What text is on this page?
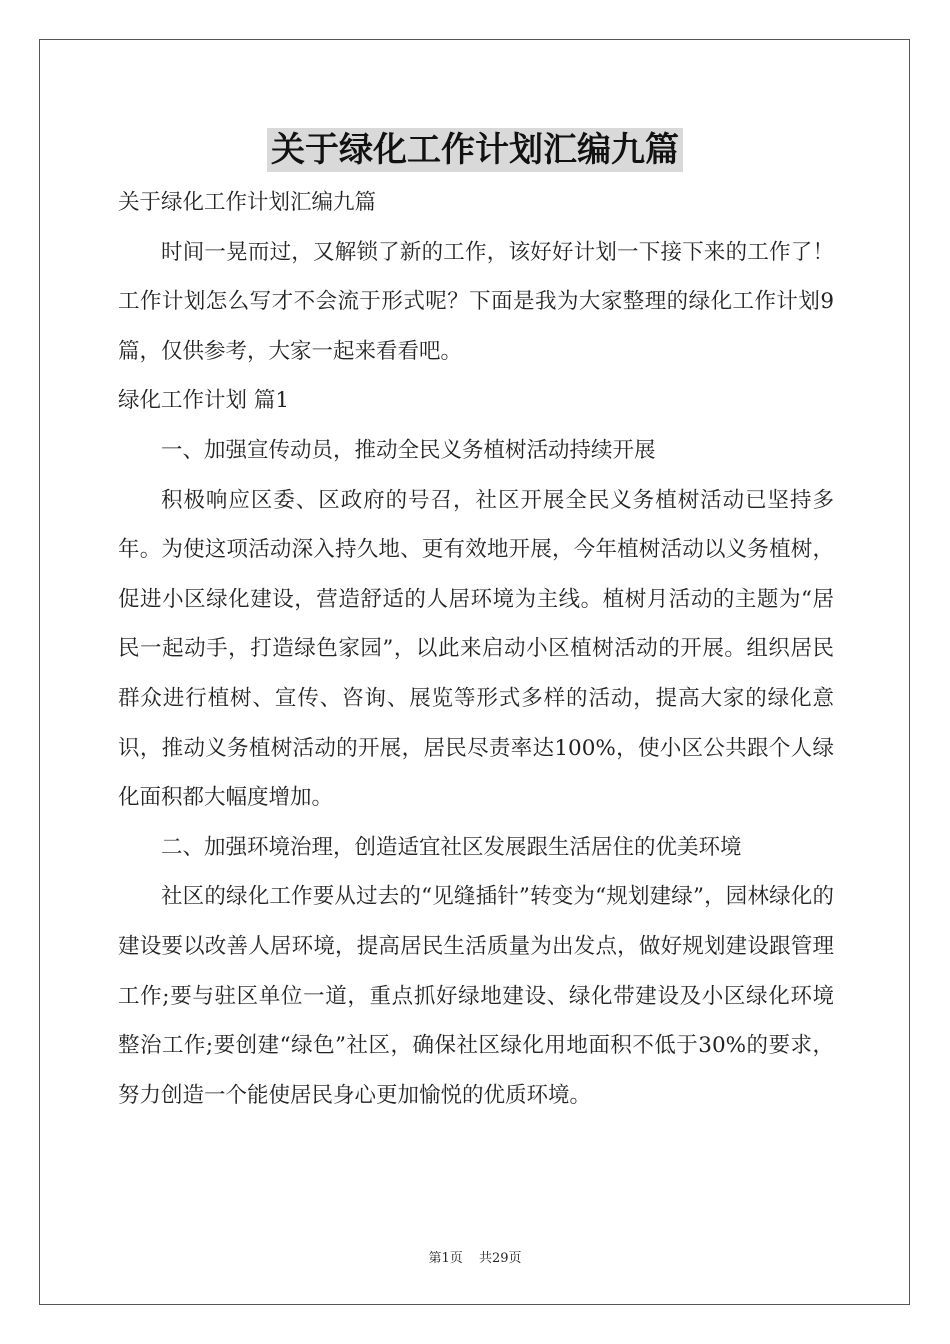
关于绿化工作计划汇编九篇

关于绿化工作计划汇编九篇

时间一晃而过，又解锁了新的工作，该好好计划一下接下来的工作了！工作计划怎么写才不会流于形式呢？下面是我为大家整理的绿化工作计划9篇，仅供参考，大家一起来看看吧。

绿化工作计划 篇1

一、加强宣传动员，推动全民义务植树活动持续开展

积极响应区委、区政府的号召，社区开展全民义务植树活动已坚持多年。为使这项活动深入持久地、更有效地开展，今年植树活动以义务植树，促进小区绿化建设，营造舒适的人居环境为主线。植树月活动的主题为“居民一起动手，打造绿色家园”，以此来启动小区植树活动的开展。组织居民群众进行植树、宣传、咨询、展览等形式多样的活动，提高大家的绿化意识，推动义务植树活动的开展，居民尽责率达100%，使小区公共跟个人绿化面积都大幅度增加。

二、加强环境治理，创造适宜社区发展跟生活居住的优美环境

社区的绿化工作要从过去的“见缝插针”转变为“规划建绿”，园林绿化的建设要以改善人居环境，提高居民生活质量为出发点，做好规划建设跟管理工作;要与驻区单位一道，重点抓好绿地建设、绿化带建设及小区绿化环境整治工作;要创建“绿色”社区，确保社区绿化用地面积不低于30%的要求，努力创造一个能使居民身心更加愉悦的优质环境。

第1页 共29页
